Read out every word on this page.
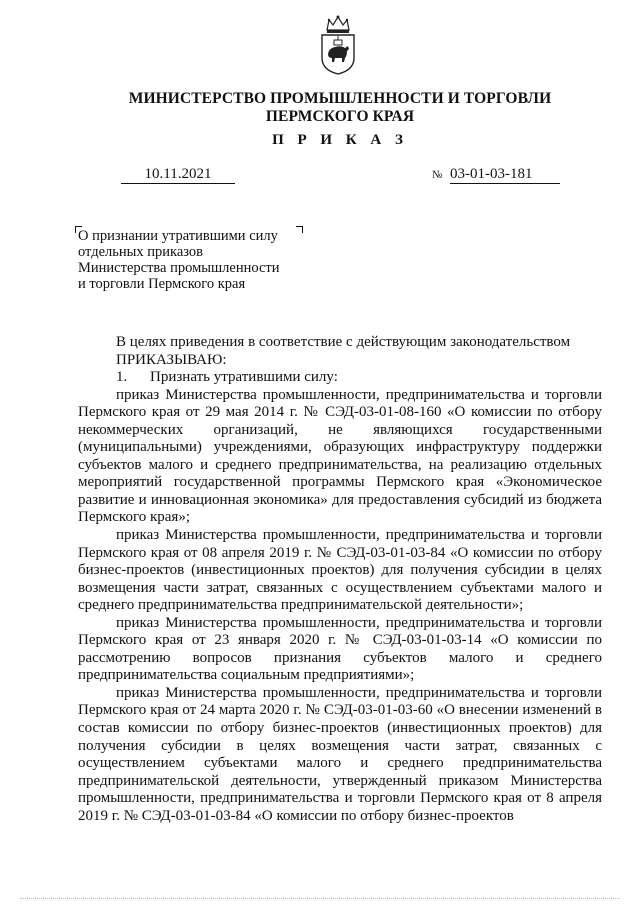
МИНИСТЕРСТВО ПРОМЫШЛЕННОСТИ И ТОРГОВЛИ
ПЕРМСКОГО КРАЯ
П Р И К А З
10.11.2021	№ 03-01-03-181
О признании утратившими силу
отдельных приказов
Министерства промышленности
и торговли Пермского края
В целях приведения в соответствие с действующим законодательством
ПРИКАЗЫВАЮ:
1. Признать утратившими силу:
приказ Министерства промышленности, предпринимательства и торговли Пермского края от 29 мая 2014 г. № СЭД-03-01-08-160 «О комиссии по отбору некоммерческих организаций, не являющихся государственными (муниципальными) учреждениями, образующих инфраструктуру поддержки субъектов малого и среднего предпринимательства, на реализацию отдельных мероприятий государственной программы Пермского края «Экономическое развитие и инновационная экономика» для предоставления субсидий из бюджета Пермского края»;
приказ Министерства промышленности, предпринимательства и торговли Пермского края от 08 апреля 2019 г. № СЭД-03-01-03-84 «О комиссии по отбору бизнес-проектов (инвестиционных проектов) для получения субсидии в целях возмещения части затрат, связанных с осуществлением субъектами малого и среднего предпринимательства предпринимательской деятельности»;
приказ Министерства промышленности, предпринимательства и торговли Пермского края от 23 января 2020 г. № СЭД-03-01-03-14 «О комиссии по рассмотрению вопросов признания субъектов малого и среднего предпринимательства социальным предприятиями»;
приказ Министерства промышленности, предпринимательства и торговли Пермского края от 24 марта 2020 г. № СЭД-03-01-03-60 «О внесении изменений в состав комиссии по отбору бизнес-проектов (инвестиционных проектов) для получения субсидии в целях возмещения части затрат, связанных с осуществлением субъектами малого и среднего предпринимательства предпринимательской деятельности, утвержденный приказом Министерства промышленности, предпринимательства и торговли Пермского края от 8 апреля 2019 г. № СЭД-03-01-03-84 «О комиссии по отбору бизнес-проектов
